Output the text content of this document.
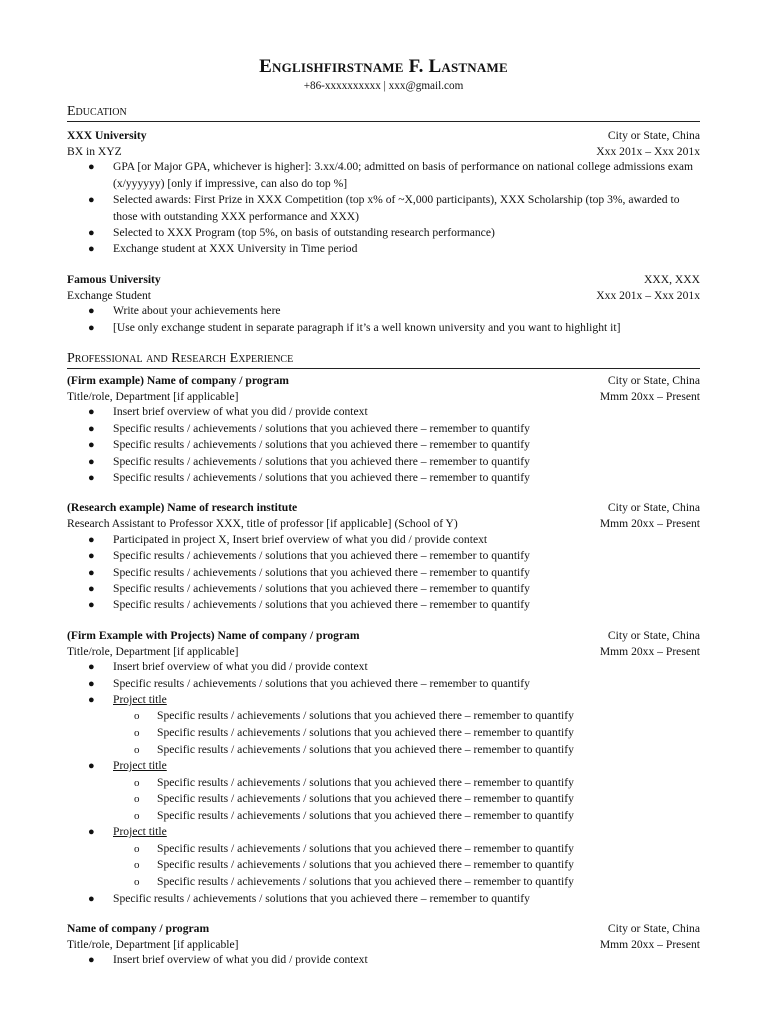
Englishfirstname F. Lastname
+86-xxxxxxxxxx | xxx@gmail.com
Education
XXX University	City or State, China
BX in XYZ	Xxx 201x – Xxx 201x
● GPA [or Major GPA, whichever is higher]: 3.xx/4.00; admitted on basis of performance on national college admissions exam (x/yyyyyy) [only if impressive, can also do top %]
● Selected awards: First Prize in XXX Competition (top x% of ~X,000 participants), XXX Scholarship (top 3%, awarded to those with outstanding XXX performance and XXX)
● Selected to XXX Program (top 5%, on basis of outstanding research performance)
● Exchange student at XXX University in Time period
Famous University	XXX, XXX
Exchange Student	Xxx 201x – Xxx 201x
● Write about your achievements here
● [Use only exchange student in separate paragraph if it’s a well known university and you want to highlight it]
Professional and Research Experience
(Firm example) Name of company / program	City or State, China
Title/role, Department [if applicable]	Mmm 20xx – Present
● Insert brief overview of what you did / provide context
● Specific results / achievements / solutions that you achieved there – remember to quantify
● Specific results / achievements / solutions that you achieved there – remember to quantify
● Specific results / achievements / solutions that you achieved there – remember to quantify
● Specific results / achievements / solutions that you achieved there – remember to quantify
(Research example) Name of research institute	City or State, China
Research Assistant to Professor XXX, title of professor [if applicable] (School of Y)	Mmm 20xx – Present
● Participated in project X, Insert brief overview of what you did / provide context
● Specific results / achievements / solutions that you achieved there – remember to quantify
● Specific results / achievements / solutions that you achieved there – remember to quantify
● Specific results / achievements / solutions that you achieved there – remember to quantify
● Specific results / achievements / solutions that you achieved there – remember to quantify
(Firm Example with Projects) Name of company / program	City or State, China
Title/role, Department [if applicable]	Mmm 20xx – Present
● Insert brief overview of what you did / provide context
● Specific results / achievements / solutions that you achieved there – remember to quantify
● Project title
o Specific results / achievements / solutions that you achieved there – remember to quantify
o Specific results / achievements / solutions that you achieved there – remember to quantify
o Specific results / achievements / solutions that you achieved there – remember to quantify
● Project title
o Specific results / achievements / solutions that you achieved there – remember to quantify
o Specific results / achievements / solutions that you achieved there – remember to quantify
o Specific results / achievements / solutions that you achieved there – remember to quantify
● Project title
o Specific results / achievements / solutions that you achieved there – remember to quantify
o Specific results / achievements / solutions that you achieved there – remember to quantify
o Specific results / achievements / solutions that you achieved there – remember to quantify
● Specific results / achievements / solutions that you achieved there – remember to quantify
Name of company / program	City or State, China
Title/role, Department [if applicable]	Mmm 20xx – Present
● Insert brief overview of what you did / provide context
